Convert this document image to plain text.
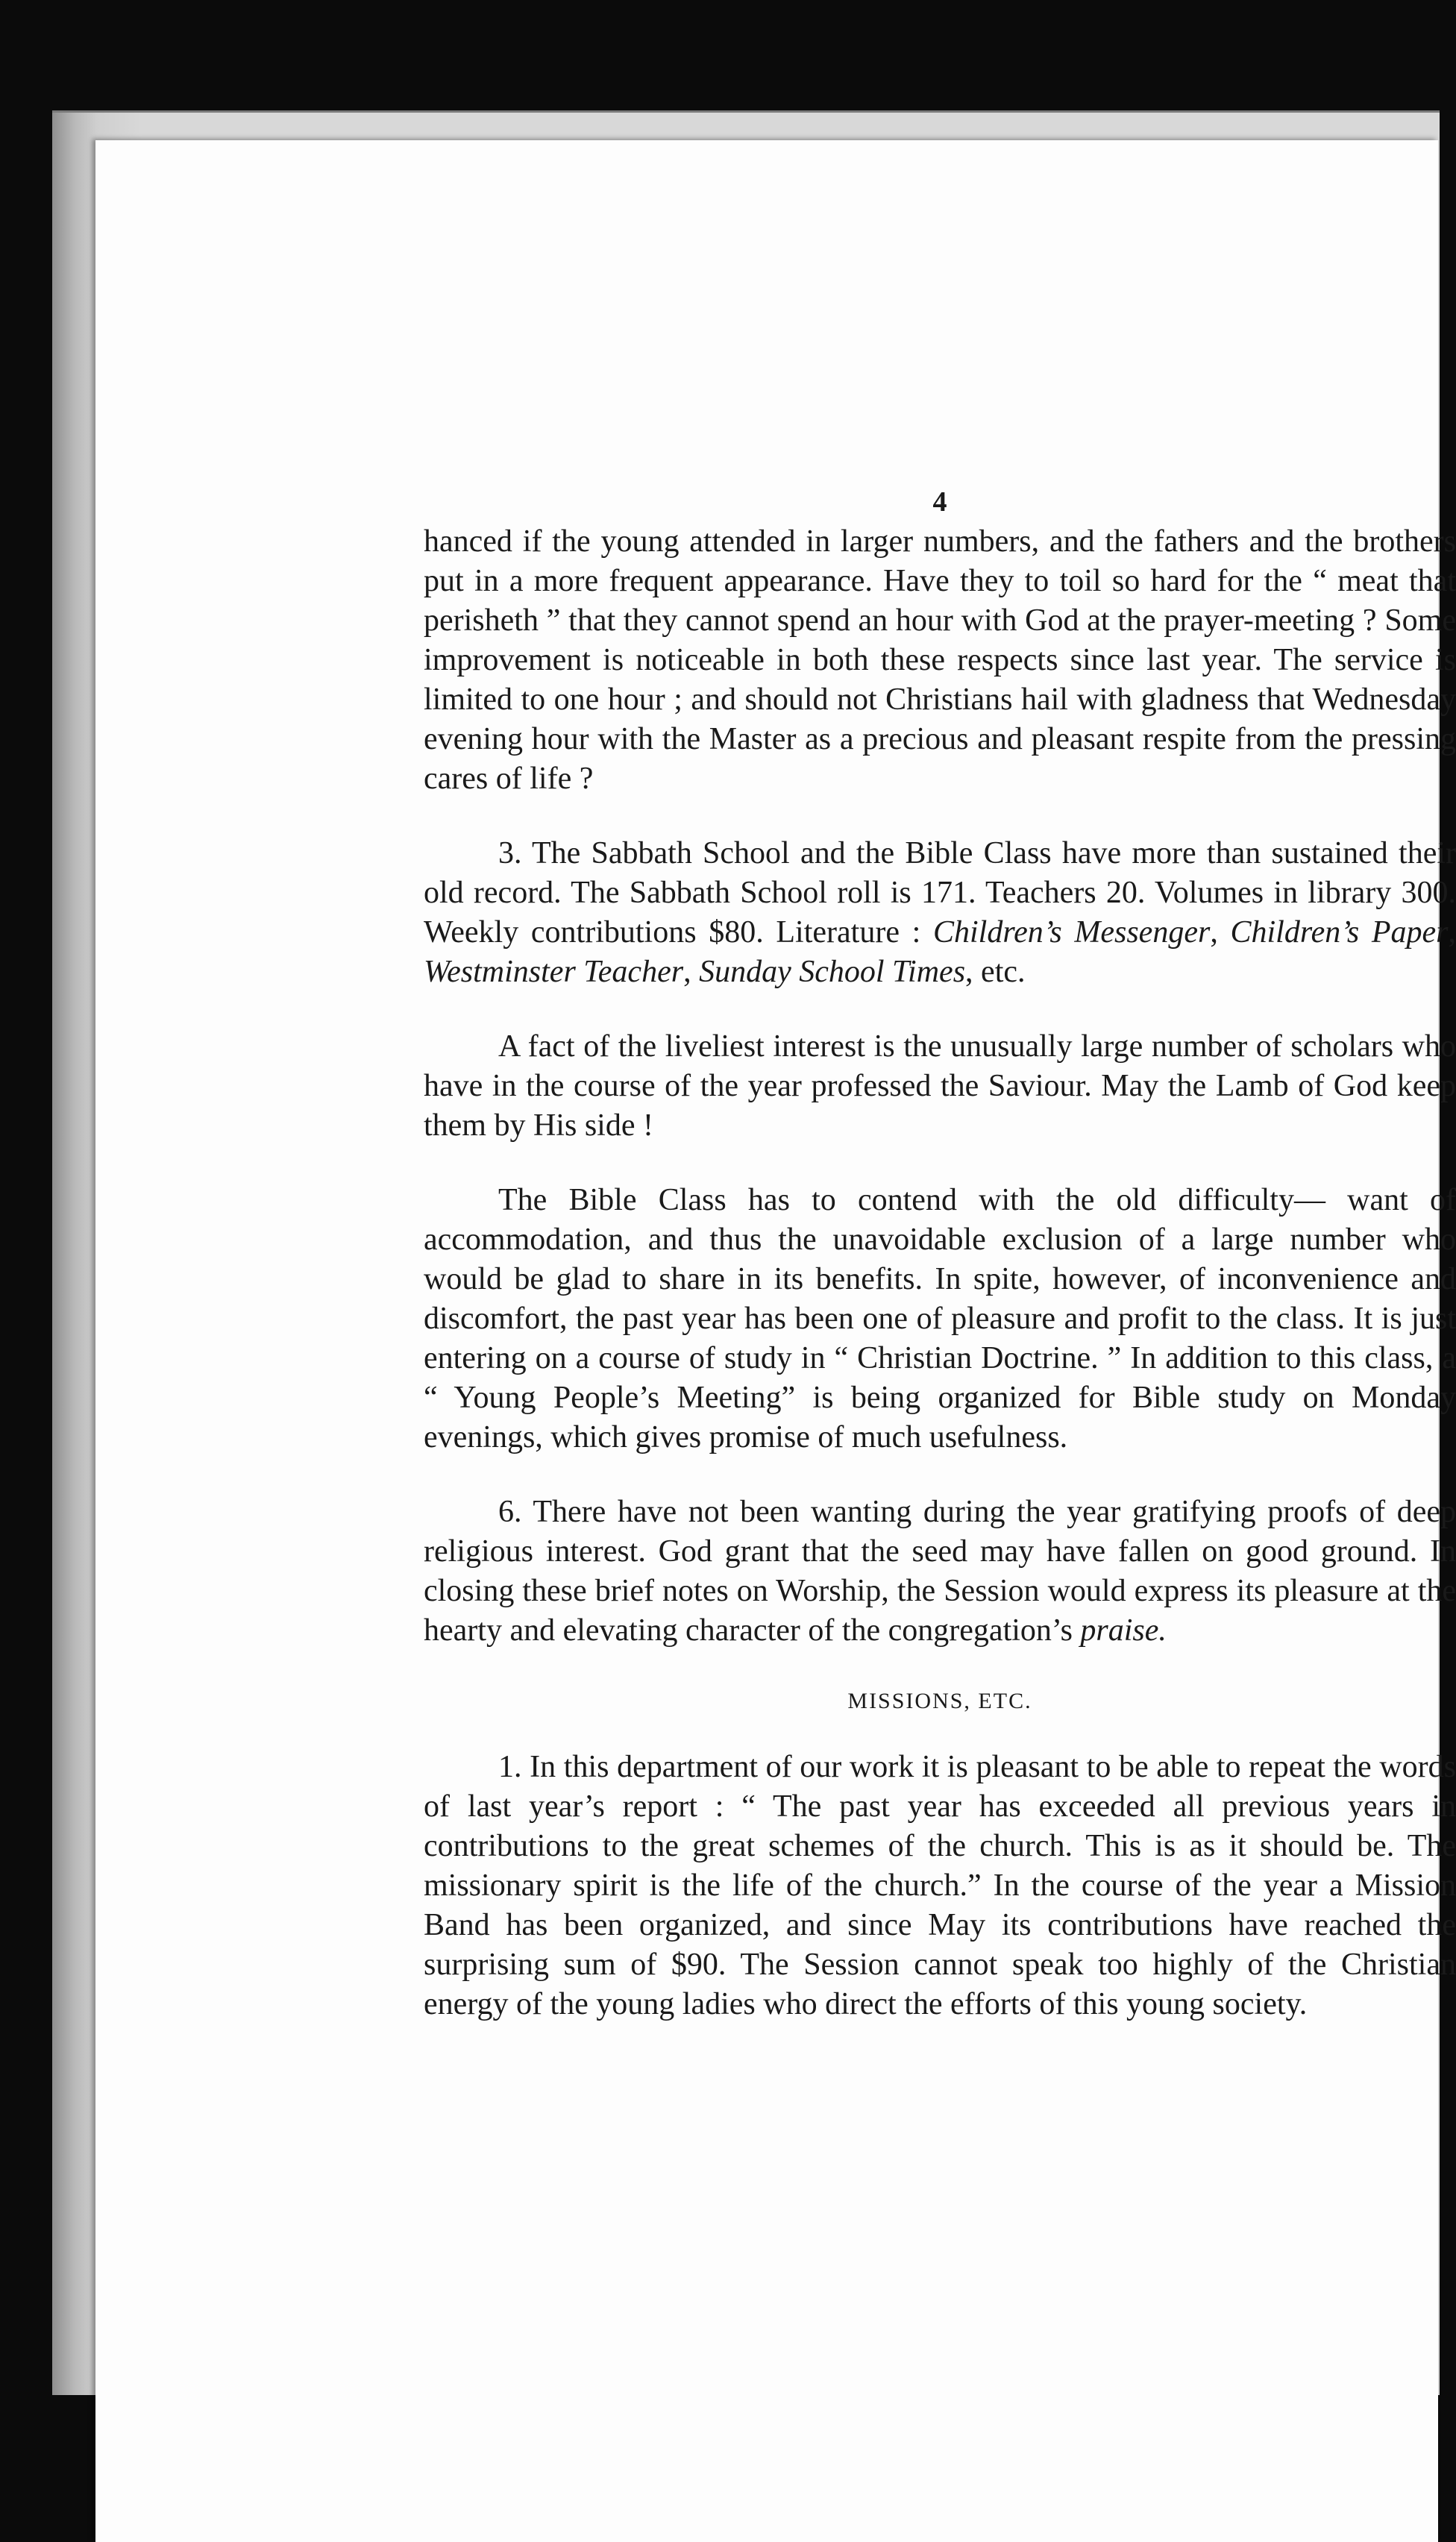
4

hanced if the young attended in larger numbers, and the fathers and the brothers put in a more frequent appearance. Have they to toil so hard for the “ meat that perisheth ” that they cannot spend an hour with God at the prayer-meeting ? Some improvement is noticeable in both these respects since last year. The service is limited to one hour ; and should not Christians hail with gladness that Wednesday evening hour with the Master as a precious and pleasant respite from the pressing cares of life ?

3. The Sabbath School and the Bible Class have more than sustained their old record. The Sabbath School roll is 171. Teachers 20. Volumes in library 300. Weekly contributions $80. Literature : Children’s Messenger, Children’s Paper, Westminster Teacher, Sunday School Times, etc.

A fact of the liveliest interest is the unusually large number of scholars who have in the course of the year professed the Saviour. May the Lamb of God keep them by His side !

The Bible Class has to contend with the old difficulty— want of accommodation, and thus the unavoidable exclusion of a large number who would be glad to share in its benefits. In spite, however, of inconvenience and discomfort, the past year has been one of pleasure and profit to the class. It is just entering on a course of study in “ Christian Doctrine. ” In addition to this class, a “ Young People’s Meeting” is being organized for Bible study on Monday evenings, which gives promise of much usefulness.

6. There have not been wanting during the year gratifying proofs of deep religious interest. God grant that the seed may have fallen on good ground. In closing these brief notes on Worship, the Session would express its pleasure at the hearty and elevating character of the congregation’s praise.

MISSIONS, ETC.

1. In this department of our work it is pleasant to be able to repeat the words of last year’s report : “ The past year has exceeded all previous years in contributions to the great schemes of the church. This is as it should be. The missionary spirit is the life of the church.” In the course of the year a Mission Band has been organized, and since May its contributions have reached the surprising sum of $90. The Session cannot speak too highly of the Christian energy of the young ladies who direct the efforts of this young society.
